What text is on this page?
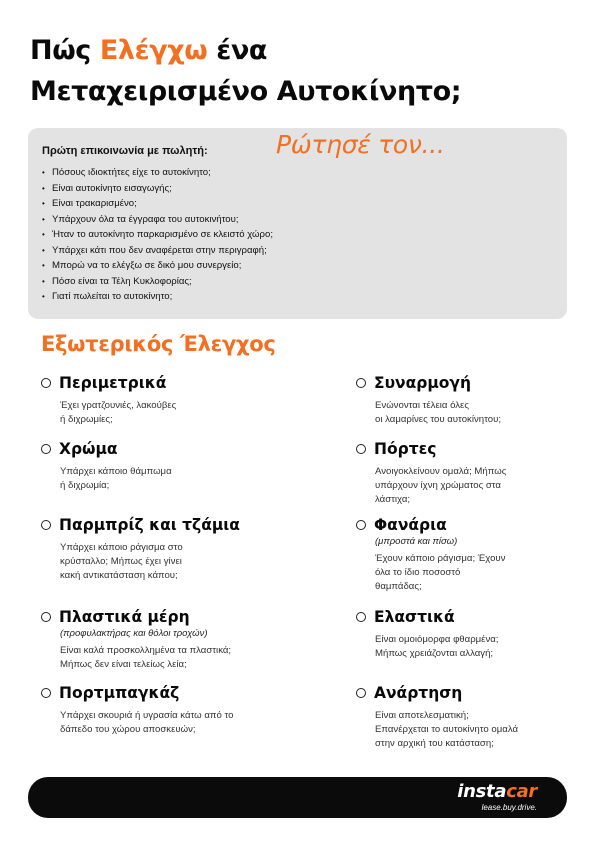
Πώς Ελέγχω ένα
Μεταχειρισμένο Αυτοκίνητο;
Πρώτη επικοινωνία με πωλητή:	Ρώτησέ τον...
• Πόσους ιδιοκτήτες είχε το αυτοκίνητο;
• Είναι αυτοκίνητο εισαγωγής;
• Είναι τρακαρισμένο;
• Υπάρχουν όλα τα έγγραφα του αυτοκινήτου;
• Ήταν το αυτοκίνητο παρκαρισμένο σε κλειστό χώρο;
• Υπάρχει κάτι που δεν αναφέρεται στην περιγραφή;
• Μπορώ να το ελέγξω σε δικό μου συνεργείο;
• Πόσο είναι τα Τέλη Κυκλοφορίας;
• Γιατί πωλείται το αυτοκίνητο;
Εξωτερικός Έλεγχος
Περιμετρικά
Έχει γρατζουνιές, λακούβες
ή διχρωμίες;
Χρώμα
Υπάρχει κάποιο θάμπωμα
ή διχρωμία;
Παρμπρίζ και τζάμια
Υπάρχει κάποιο ράγισμα στο
κρύσταλλο; Μήπως έχει γίνει
κακή αντικατάσταση κάπου;
Πλαστικά μέρη
(προφυλακτήρας και θόλοι τροχών)
Είναι καλά προσκολλημένα τα πλαστικά;
Μήπως δεν είναι τελείως λεία;
Πορτμπαγκάζ
Υπάρχει σκουριά ή υγρασία κάτω από το
δάπεδο του χώρου αποσκευών;
Συναρμογή
Ενώνονται τέλεια όλες
οι λαμαρίνες του αυτοκίνητου;
Πόρτες
Ανοιγοκλείνουν ομαλά; Μήπως
υπάρχουν ίχνη χρώματος στα
λάστιχα;
Φανάρια
(μπροστά και πίσω)
Έχουν κάποιο ράγισμα; Έχουν
όλα το ίδιο ποσοστό
θαμπάδας;
Ελαστικά
Είναι ομοιόμορφα φθαρμένα;
Μήπως χρειάζονται αλλαγή;
Ανάρτηση
Είναι αποτελεσματική;
Επανέρχεται το αυτοκίνητο ομαλά
στην αρχική του κατάσταση;
instacar
lease.buy.drive.
